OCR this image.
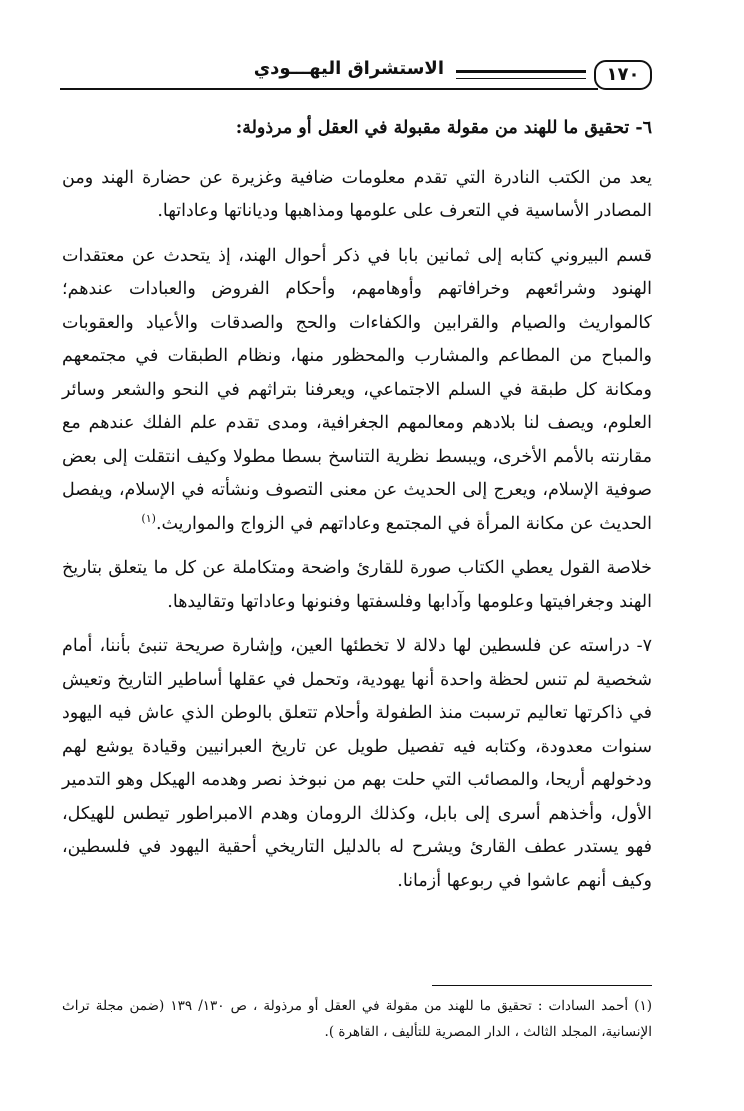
١٧٠
الاستشراق اليهـــودي

٦- تحقيق ما للهند من مقولة مقبولة في العقل أو مرذولة:

يعد من الكتب النادرة التي تقدم معلومات ضافية وغزيرة عن حضارة الهند ومن المصادر الأساسية في التعرف على علومها ومذاهبها ودياناتها وعاداتها.

قسم البيروني كتابه إلى ثمانين بابا في ذكر أحوال الهند، إذ يتحدث عن معتقدات الهنود وشرائعهم وخرافاتهم وأوهامهم، وأحكام الفروض والعبادات عندهم؛ كالمواريث والصيام والقرابين والكفاءات والحج والصدقات والأعياد والعقوبات والمباح من المطاعم والمشارب والمحظور منها، ونظام الطبقات في مجتمعهم ومكانة كل طبقة في السلم الاجتماعي، ويعرفنا بتراثهم في النحو والشعر وسائر العلوم، ويصف لنا بلادهم ومعالمهم الجغرافية، ومدى تقدم علم الفلك عندهم مع مقارنته بالأمم الأخرى، ويبسط نظرية التناسخ بسطا مطولا وكيف انتقلت إلى بعض صوفية الإسلام، ويعرج إلى الحديث عن معنى التصوف ونشأته في الإسلام، ويفصل الحديث عن مكانة المرأة في المجتمع وعاداتهم في الزواج والمواريث.$^{(١)}$

خلاصة القول يعطي الكتاب صورة للقارئ واضحة ومتكاملة عن كل ما يتعلق بتاريخ الهند وجغرافيتها وعلومها وآدابها وفلسفتها وفنونها وعاداتها وتقاليدها.

٧- دراسته عن فلسطين لها دلالة لا تخطئها العين، وإشارة صريحة تنبئ بأننا، أمام شخصية لم تنس لحظة واحدة أنها يهودية، وتحمل في عقلها أساطير التاريخ وتعيش في ذاكرتها تعاليم ترسبت منذ الطفولة وأحلام تتعلق بالوطن الذي عاش فيه اليهود سنوات معدودة، وكتابه فيه تفصيل طويل عن تاريخ العبرانيين وقيادة يوشع لهم ودخولهم أريحا، والمصائب التي حلت بهم من نبوخذ نصر وهدمه الهيكل وهو التدمير الأول، وأخذهم أسرى إلى بابل، وكذلك الرومان وهدم الامبراطور تيطس للهيكل، فهو يستدر عطف القارئ ويشرح له بالدليل التاريخي أحقية اليهود في فلسطين، وكيف أنهم عاشوا في ربوعها أزمانا.

(١) أحمد السادات : تحقيق ما للهند من مقولة في العقل أو مرذولة ، ص ١٣٠/ ١٣٩ (ضمن مجلة تراث الإنسانية، المجلد الثالث ، الدار المصرية للتأليف ، القاهرة ).
